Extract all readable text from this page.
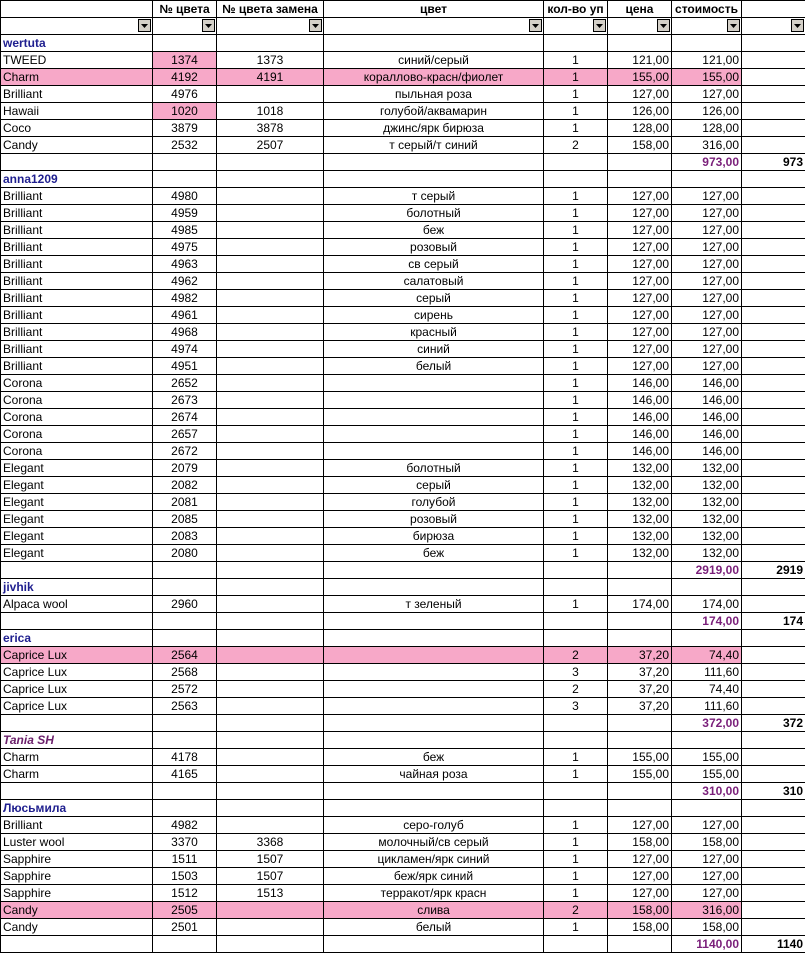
	№ цвета	№ цвета замена	цвет	кол-во уп	цена	стоимость	

wertuta							
TWEED	1374	1373	синий/серый	1	121,00	121,00	
Charm	4192	4191	кораллово-красн/фиолет	1	155,00	155,00	
Brilliant	4976		пыльная роза	1	127,00	127,00	
Hawaii	1020	1018	голубой/аквамарин	1	126,00	126,00	
Coco	3879	3878	джинс/ярк бирюза	1	128,00	128,00	
Candy	2532	2507	т серый/т синий	2	158,00	316,00	
						973,00	973
anna1209							
Brilliant	4980		т серый	1	127,00	127,00	
Brilliant	4959		болотный	1	127,00	127,00	
Brilliant	4985		беж	1	127,00	127,00	
Brilliant	4975		розовый	1	127,00	127,00	
Brilliant	4963		св серый	1	127,00	127,00	
Brilliant	4962		салатовый	1	127,00	127,00	
Brilliant	4982		серый	1	127,00	127,00	
Brilliant	4961		сирень	1	127,00	127,00	
Brilliant	4968		красный	1	127,00	127,00	
Brilliant	4974		синий	1	127,00	127,00	
Brilliant	4951		белый	1	127,00	127,00	
Corona	2652			1	146,00	146,00	
Corona	2673			1	146,00	146,00	
Corona	2674			1	146,00	146,00	
Corona	2657			1	146,00	146,00	
Corona	2672			1	146,00	146,00	
Elegant	2079		болотный	1	132,00	132,00	
Elegant	2082		серый	1	132,00	132,00	
Elegant	2081		голубой	1	132,00	132,00	
Elegant	2085		розовый	1	132,00	132,00	
Elegant	2083		бирюза	1	132,00	132,00	
Elegant	2080		беж	1	132,00	132,00	
						2919,00	2919
jivhik							
Alpaca wool	2960		т зеленый	1	174,00	174,00	
						174,00	174
erica							
Caprice Lux	2564			2	37,20	74,40	
Caprice Lux	2568			3	37,20	111,60	
Caprice Lux	2572			2	37,20	74,40	
Caprice Lux	2563			3	37,20	111,60	
						372,00	372
Tania SH							
Charm	4178		беж	1	155,00	155,00	
Charm	4165		чайная роза	1	155,00	155,00	
						310,00	310
Люсьмила							
Brilliant	4982		серо-голуб	1	127,00	127,00	
Luster wool	3370	3368	молочный/св серый	1	158,00	158,00	
Sapphire	1511	1507	цикламен/ярк синий	1	127,00	127,00	
Sapphire	1503	1507	беж/ярк синий	1	127,00	127,00	
Sapphire	1512	1513	терракот/ярк красн	1	127,00	127,00	
Candy	2505		слива	2	158,00	316,00	
Candy	2501		белый	1	158,00	158,00	
						1140,00	1140
